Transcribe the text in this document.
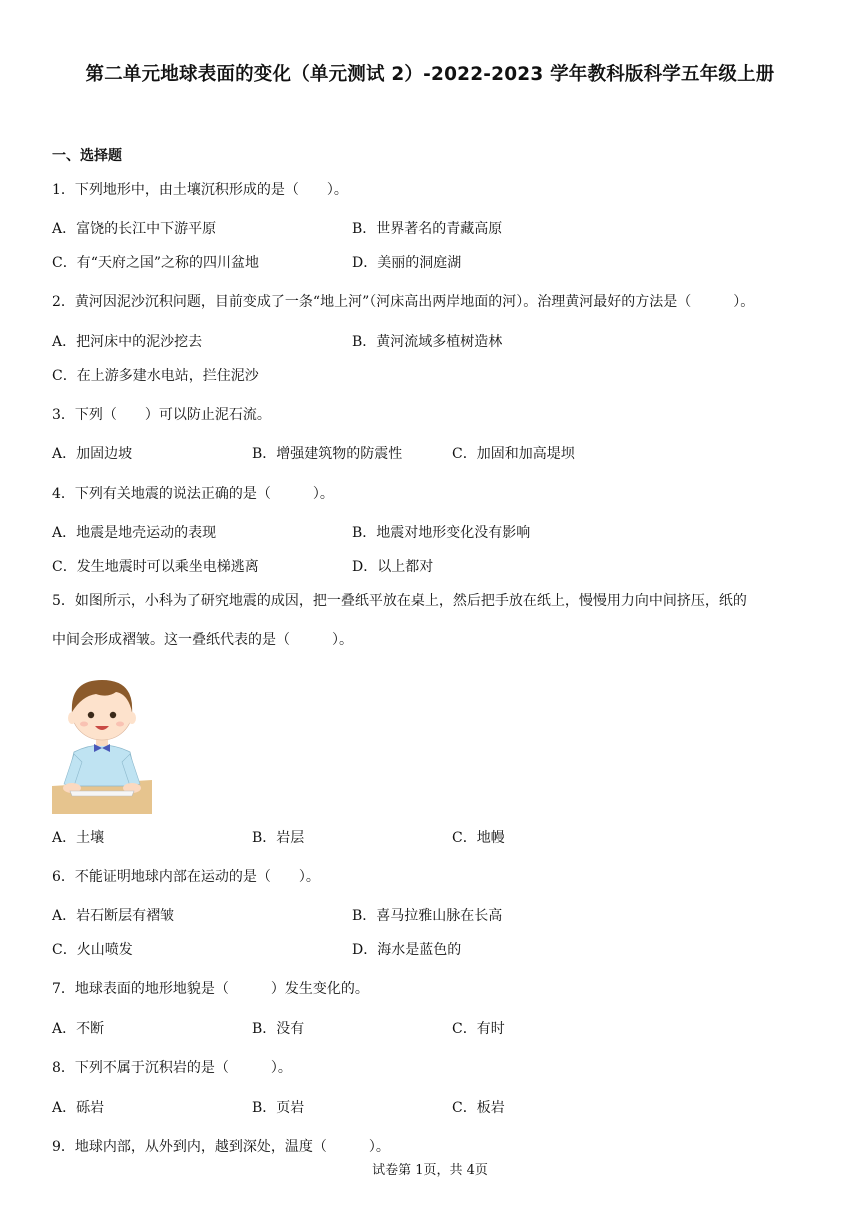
第二单元地球表面的变化（单元测试 2）-2022-2023 学年教科版科学五年级上册
一、选择题
1．下列地形中，由土壤沉积形成的是（　　）。
A．富饶的长江中下游平原	B．世界著名的青藏高原
C．有“天府之国”之称的四川盆地	D．美丽的洞庭湖
2．黄河因泥沙沉积问题，目前变成了一条“地上河”（河床高出两岸地面的河）。治理黄河最好的方法是（　　　）。
A．把河床中的泥沙挖去	B．黄河流域多植树造林
C．在上游多建水电站，拦住泥沙
3．下列（　　）可以防止泥石流。
A．加固边坡	B．增强建筑物的防震性	C．加固和加高堤坝
4．下列有关地震的说法正确的是（　　　）。
A．地震是地壳运动的表现	B．地震对地形变化没有影响
C．发生地震时可以乘坐电梯逃离	D．以上都对
5．如图所示，小科为了研究地震的成因，把一叠纸平放在桌上，然后把手放在纸上，慢慢用力向中间挤压，纸的
中间会形成褶皱。这一叠纸代表的是（　　　）。
A．土壤	B．岩层	C．地幔
6．不能证明地球内部在运动的是（　　）。
A．岩石断层有褶皱	B．喜马拉雅山脉在长高
C．火山喷发	D．海水是蓝色的
7．地球表面的地形地貌是（　　　）发生变化的。
A．不断	B．没有	C．有时
8．下列不属于沉积岩的是（　　　）。
A．砾岩	B．页岩	C．板岩
9．地球内部，从外到内，越到深处，温度（　　　）。
试卷第 1页，共 4页
